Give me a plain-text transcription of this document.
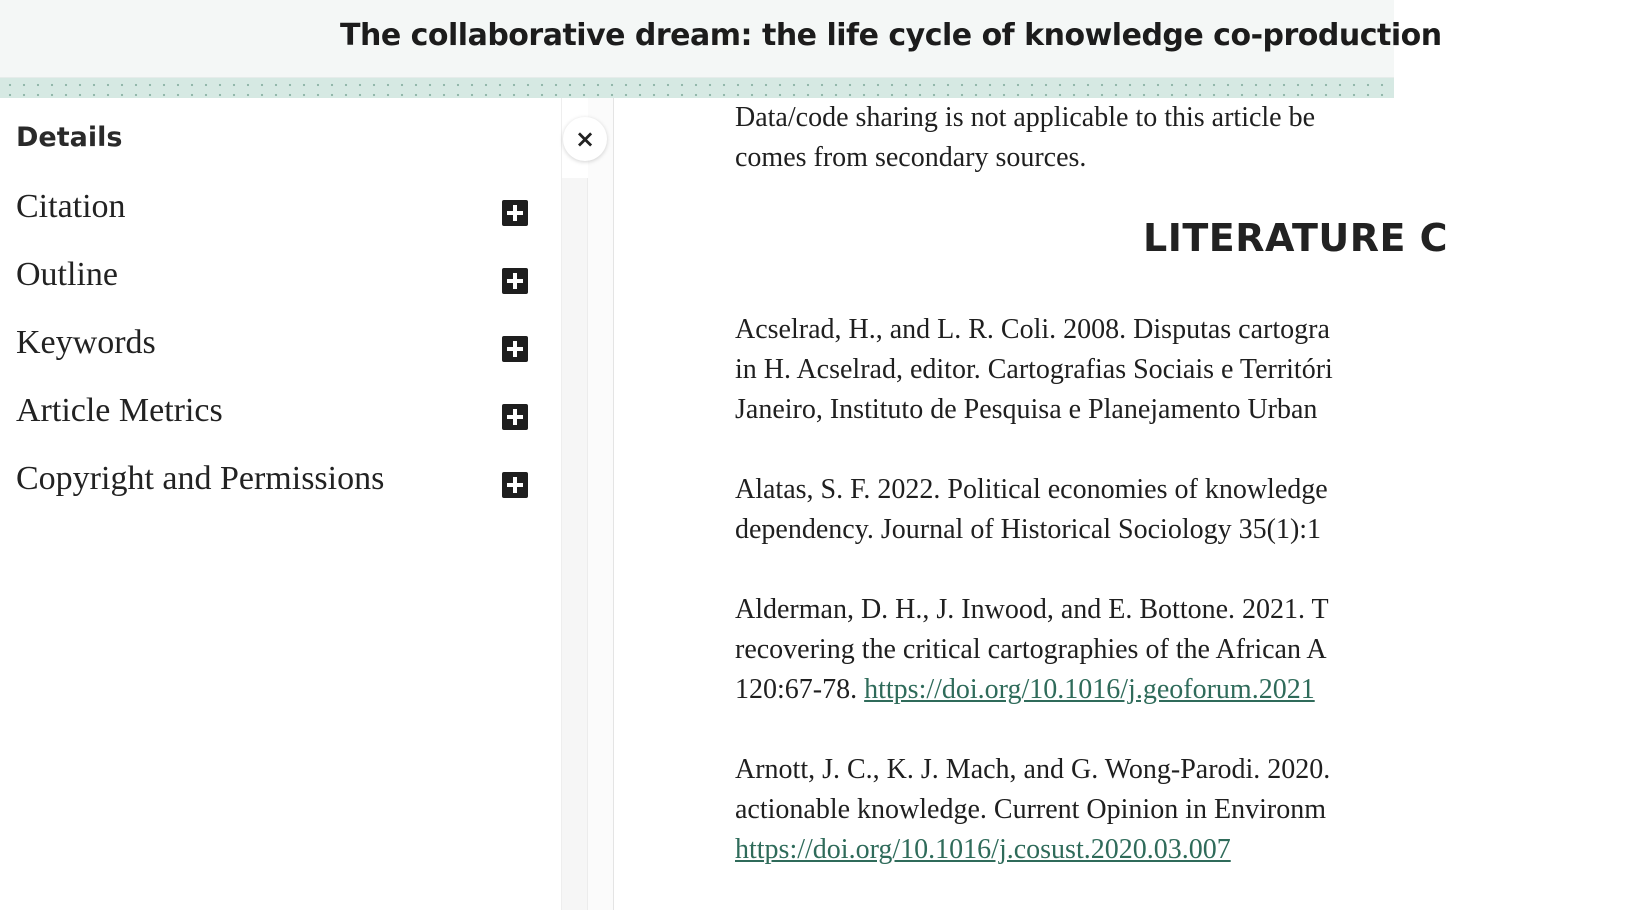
The collaborative dream: the life cycle of knowledge co-production
Details
Citation
Outline
Keywords
Article Metrics
Copyright and Permissions
×
Data/code sharing is not applicable to this article be
comes from secondary sources.
LITERATURE C
Acselrad, H., and L. R. Coli. 2008. Disputas cartogra
in H. Acselrad, editor. Cartografias Sociais e Territóri
Janeiro, Instituto de Pesquisa e Planejamento Urban
Alatas, S. F. 2022. Political economies of knowledge
dependency. Journal of Historical Sociology 35(1):1
Alderman, D. H., J. Inwood, and E. Bottone. 2021. T
recovering the critical cartographies of the African A
120:67-78. https://doi.org/10.1016/j.geoforum.2021
Arnott, J. C., K. J. Mach, and G. Wong-Parodi. 2020.
actionable knowledge. Current Opinion in Environm
https://doi.org/10.1016/j.cosust.2020.03.007
